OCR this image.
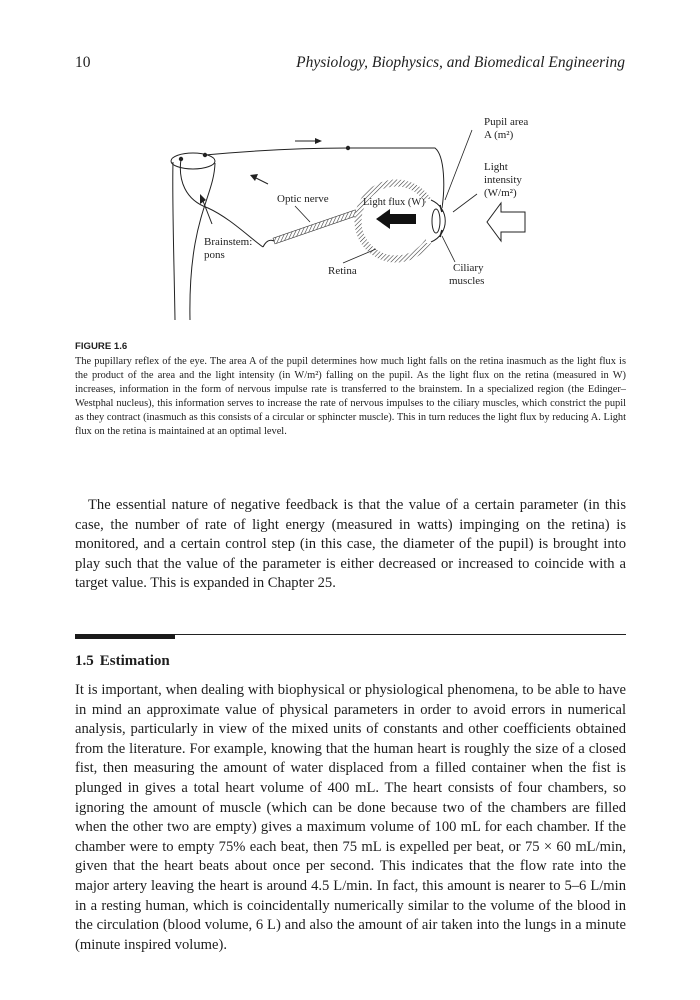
10	Physiology, Biophysics, and Biomedical Engineering
Pupil area
A (m²)
Light
intensity
(W/m²)
Optic nerve	Light flux (W)
Brainstem:
pons
Retina	Ciliary
muscles
FIGURE 1.6
The pupillary reflex of the eye. The area A of the pupil determines how much light falls on the retina inasmuch as the light flux is the product of the area and the light intensity (in W/m²) falling on the pupil. As the light flux on the retina (measured in W) increases, information in the form of nervous impulse rate is transferred to the brainstem. In a specialized region (the Edinger–Westphal nucleus), this information serves to increase the rate of nervous impulses to the ciliary muscles, which constrict the pupil as they contract (inasmuch as this consists of a circular or sphincter muscle). This in turn reduces the light flux by reducing A. Light flux on the retina is maintained at an optimal level.

The essential nature of negative feedback is that the value of a certain parameter (in this case, the number of rate of light energy (measured in watts) impinging on the retina) is monitored, and a certain control step (in this case, the diameter of the pupil) is brought into play such that the value of the parameter is either decreased or increased to coincide with a target value. This is expanded in Chapter 25.

1.5 Estimation

It is important, when dealing with biophysical or physiological phenomena, to be able to have in mind an approximate value of physical parameters in order to avoid errors in numerical analysis, particularly in view of the mixed units of constants and other coefficients obtained from the literature. For example, knowing that the human heart is roughly the size of a closed fist, then measuring the amount of water displaced from a filled container when the fist is plunged in gives a total heart volume of 400 mL. The heart consists of four chambers, so ignoring the amount of muscle (which can be done because two of the chambers are filled when the other two are empty) gives a maximum volume of 100 mL for each chamber. If the chamber were to empty 75% each beat, then 75 mL is expelled per beat, or 75 × 60 mL/min, given that the heart beats about once per second. This indicates that the flow rate into the major artery leaving the heart is around 4.5 L/min. In fact, this amount is nearer to 5–6 L/min in a resting human, which is coincidentally numerically similar to the volume of the blood in the circulation (blood volume, 6 L) and also the amount of air taken into the lungs in a minute (minute inspired volume).
